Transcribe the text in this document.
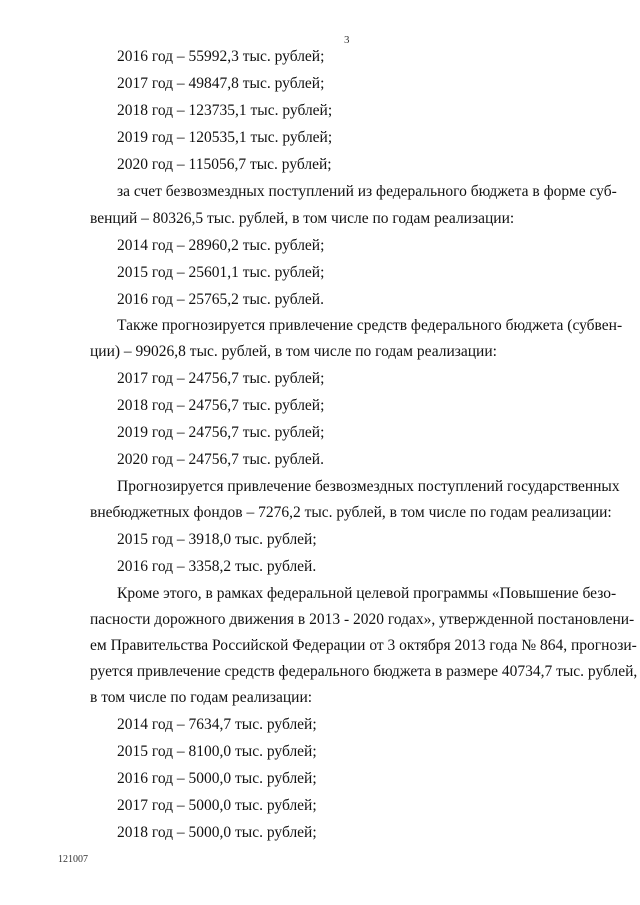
3
2016 год – 55992,3 тыс. рублей;
2017 год – 49847,8 тыс. рублей;
2018 год – 123735,1 тыс. рублей;
2019 год – 120535,1 тыс. рублей;
2020 год – 115056,7 тыс. рублей;
за счет безвозмездных поступлений из федерального бюджета в форме суб-
венций – 80326,5 тыс. рублей, в том числе по годам реализации:
2014 год – 28960,2 тыс. рублей;
2015 год – 25601,1 тыс. рублей;
2016 год – 25765,2 тыс. рублей.
Также прогнозируется привлечение средств федерального бюджета (субвен-
ции) – 99026,8 тыс. рублей, в том числе по годам реализации:
2017 год – 24756,7 тыс. рублей;
2018 год – 24756,7 тыс. рублей;
2019 год – 24756,7 тыс. рублей;
2020 год – 24756,7 тыс. рублей.
Прогнозируется привлечение безвозмездных поступлений государственных
внебюджетных фондов – 7276,2 тыс. рублей, в том числе по годам реализации:
2015 год – 3918,0 тыс. рублей;
2016 год – 3358,2 тыс. рублей.
Кроме этого, в рамках федеральной целевой программы «Повышение безо-
пасности дорожного движения в 2013 - 2020 годах», утвержденной постановлени-
ем Правительства Российской Федерации от 3 октября 2013 года № 864, прогнози-
руется привлечение средств федерального бюджета в размере 40734,7 тыс. рублей,
в том числе по годам реализации:
2014 год – 7634,7 тыс. рублей;
2015 год – 8100,0 тыс. рублей;
2016 год – 5000,0 тыс. рублей;
2017 год – 5000,0 тыс. рублей;
2018 год – 5000,0 тыс. рублей;
121007
